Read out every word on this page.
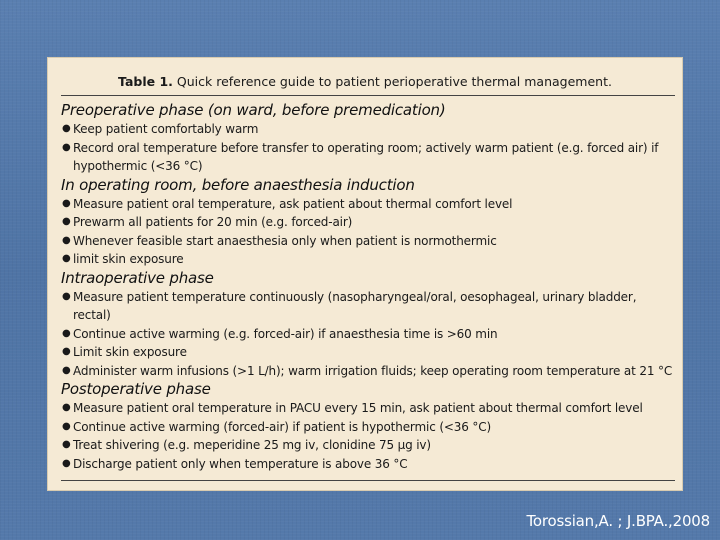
Table 1. Quick reference guide to patient perioperative thermal management.
Preoperative phase (on ward, before premedication)
● Keep patient comfortably warm
● Record oral temperature before transfer to operating room; actively warm patient (e.g. forced air) if hypothermic (<36 °C)
In operating room, before anaesthesia induction
● Measure patient oral temperature, ask patient about thermal comfort level
● Prewarm all patients for 20 min (e.g. forced-air)
● Whenever feasible start anaesthesia only when patient is normothermic
● limit skin exposure
Intraoperative phase
● Measure patient temperature continuously (nasopharyngeal/oral, oesophageal, urinary bladder, rectal)
● Continue active warming (e.g. forced-air) if anaesthesia time is >60 min
● Limit skin exposure
● Administer warm infusions (>1 L/h); warm irrigation fluids; keep operating room temperature at 21 °C
Postoperative phase
● Measure patient oral temperature in PACU every 15 min, ask patient about thermal comfort level
● Continue active warming (forced-air) if patient is hypothermic (<36 °C)
● Treat shivering (e.g. meperidine 25 mg iv, clonidine 75 µg iv)
● Discharge patient only when temperature is above 36 °C
Torossian,A. ; J.BPA.,2008
